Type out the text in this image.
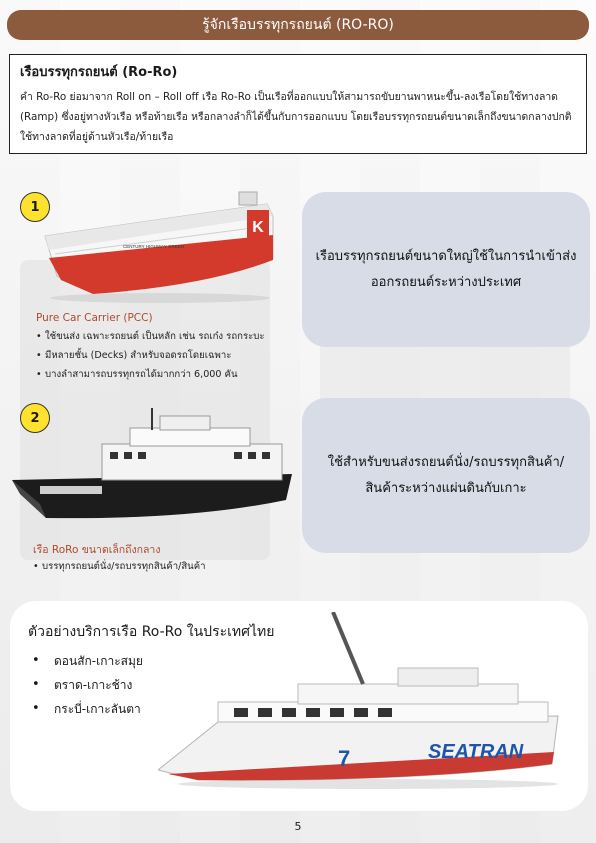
รู้จักเรือบรรทุกรถยนต์ (RO-RO)
เรือบรรทุกรถยนต์ (Ro-Ro)

คำ Ro-Ro ย่อมาจาก Roll on – Roll off เรือ Ro-Ro เป็นเรือที่ออกแบบให้สามารถขับยานพาหนะขึ้น-ลงเรือโดยใช้ทางลาด (Ramp) ซึ่งอยู่ทางหัวเรือ หรือท้ายเรือ หรือกลางลำก็ได้ขึ้นกับการออกแบบ โดยเรือบรรทุกรถยนต์ขนาดเล็กถึงขนาดกลางปกติใช้ทางลาดที่อยู่ด้านหัวเรือ/ท้ายเรือ

K
CENTURY HIGHWAY GREEN
1
Pure Car Carrier (PCC)
• ใช้ขนส่ง เฉพาะรถยนต์ เป็นหลัก เช่น รถเก๋ง รถกระบะ
• มีหลายชั้น (Decks) สำหรับจอดรถโดยเฉพาะ
• บางลำสามารถบรรทุกรถได้มากกว่า 6,000 คัน
เรือบรรทุกรถยนต์ขนาดใหญ่ใช้ในการนำเข้าส่งออกรถยนต์ระหว่างประเทศ
2
เรือ RoRo ขนาดเล็กถึงกลาง
• บรรทุกรถยนต์นั่ง/รถบรรทุกสินค้า/สินค้า
ใช้สำหรับขนส่งรถยนต์นั่ง/รถบรรทุกสินค้า/สินค้าระหว่างแผ่นดินกับเกาะ
ตัวอย่างบริการเรือ Ro-Ro ในประเทศไทย
• ดอนสัก-เกาะสมุย
• ตราด-เกาะช้าง
• กระบี่-เกาะลันตา
7	SEATRAN
5
